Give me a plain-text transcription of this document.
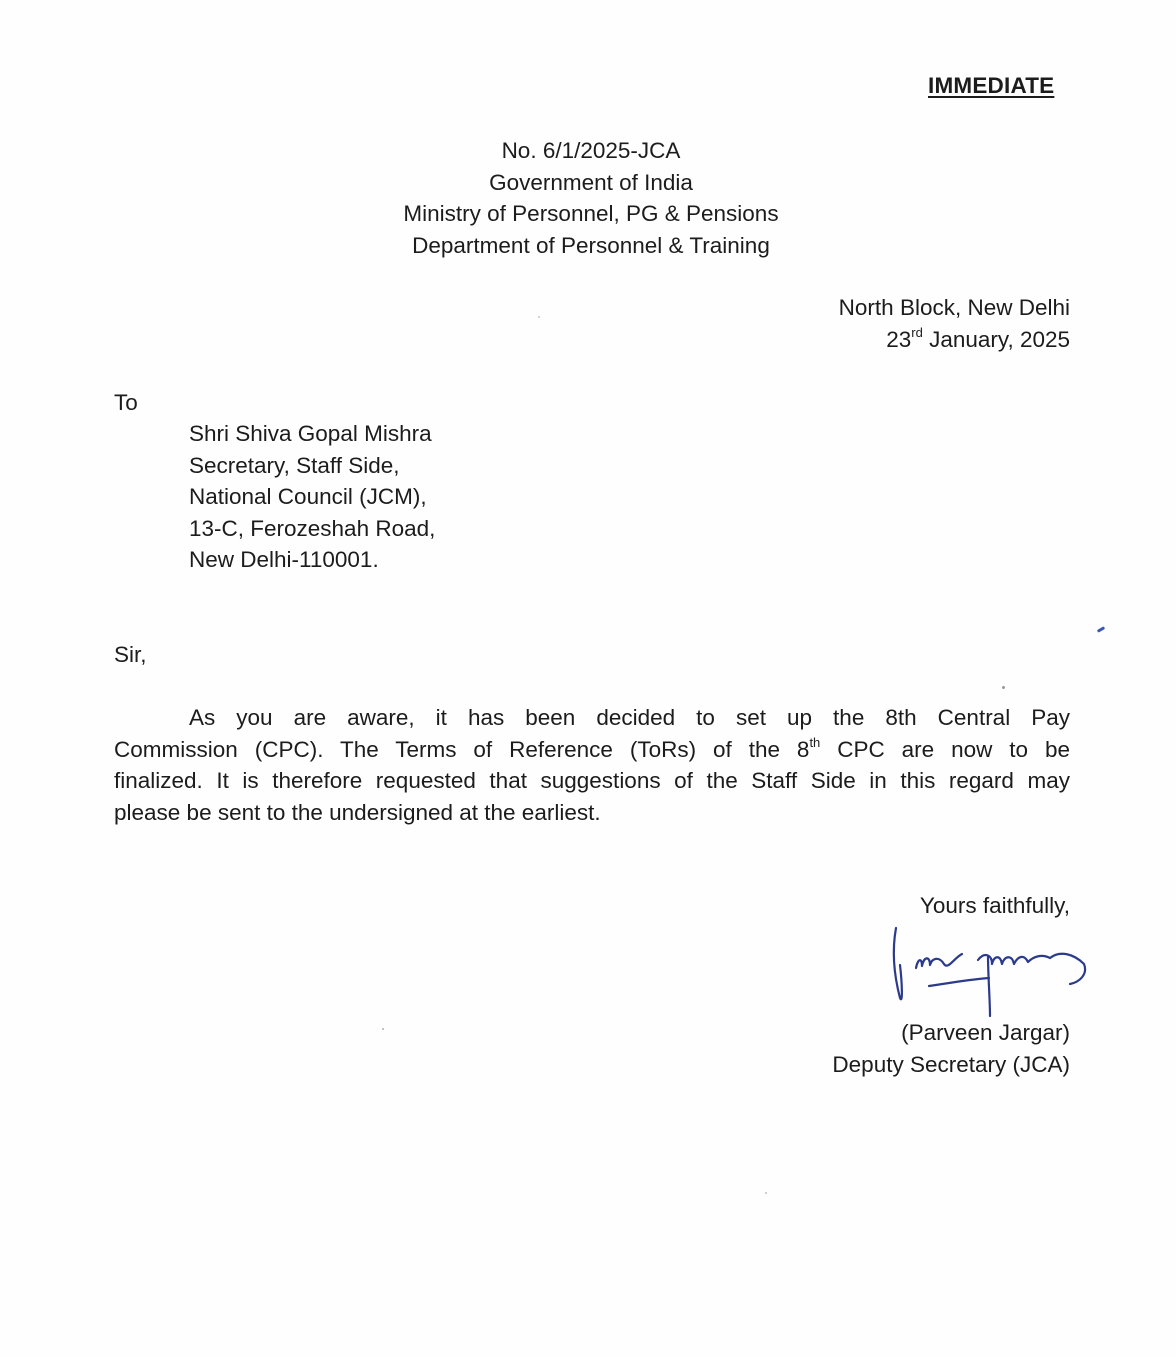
IMMEDIATE
No. 6/1/2025-JCA
Government of India
Ministry of Personnel, PG & Pensions
Department of Personnel & Training
North Block, New Delhi
23rd January, 2025
To
Shri Shiva Gopal Mishra
Secretary, Staff Side,
National Council (JCM),
13-C, Ferozeshah Road,
New Delhi-110001.
Sir,
As you are aware, it has been decided to set up the 8th Central Pay
Commission (CPC). The Terms of Reference (ToRs) of the 8th CPC are now to be
finalized. It is therefore requested that suggestions of the Staff Side in this regard may
please be sent to the undersigned at the earliest.
Yours faithfully,
(Parveen Jargar)
Deputy Secretary (JCA)
